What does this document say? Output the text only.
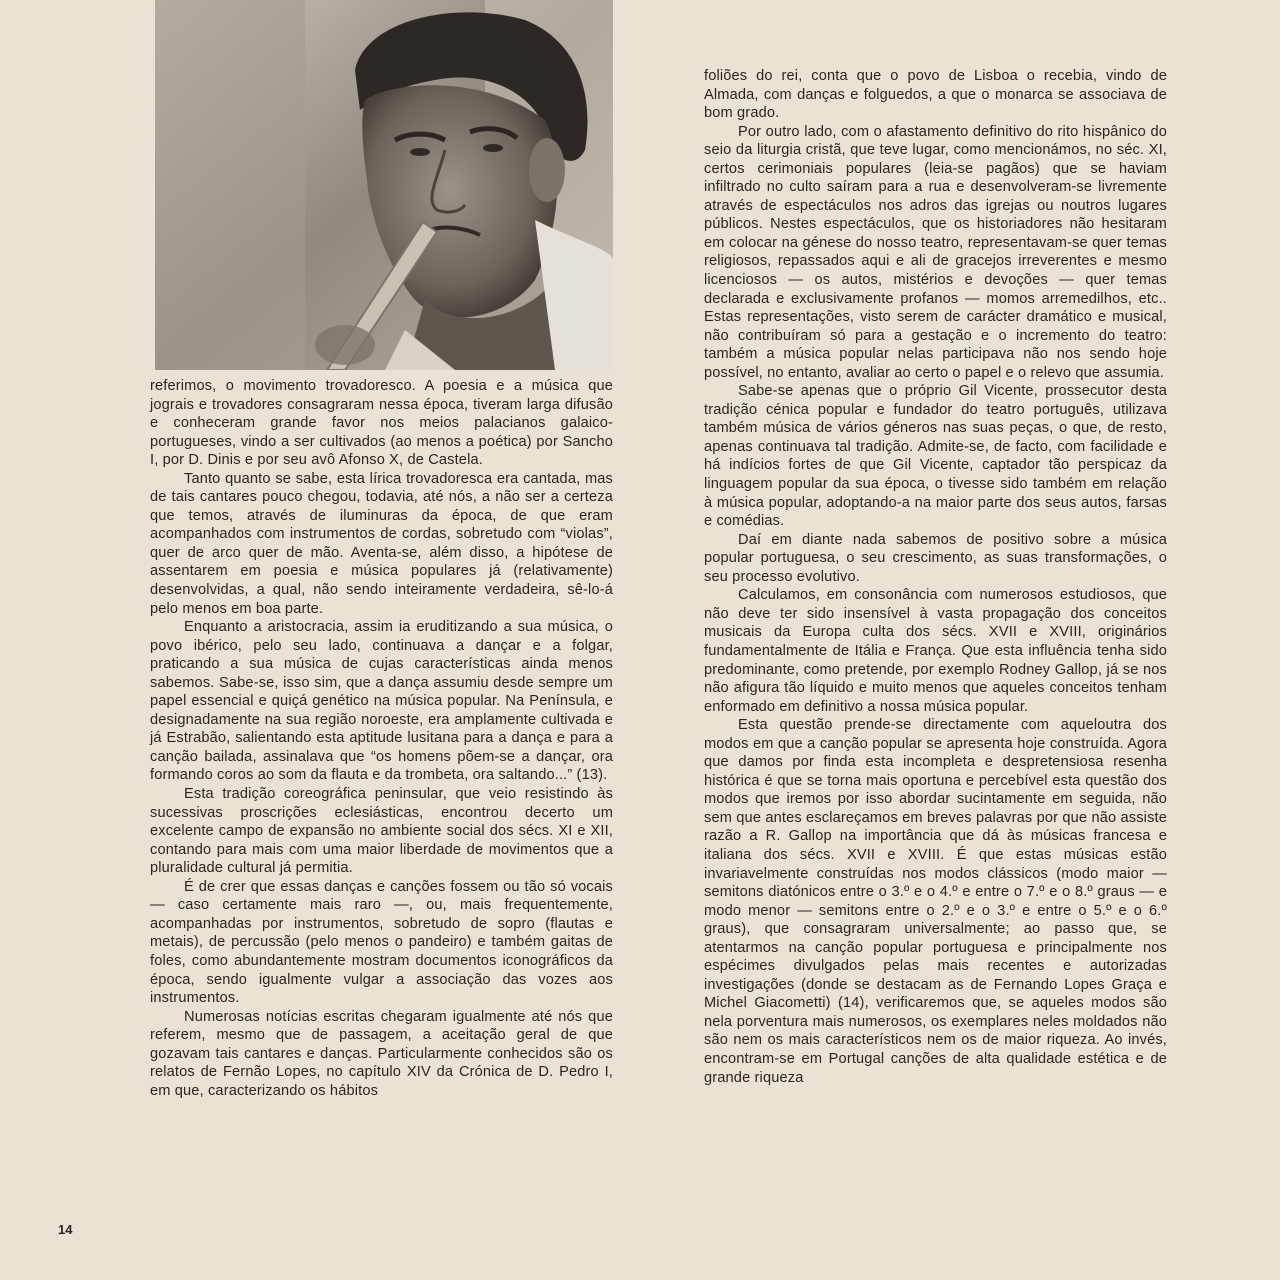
referimos, o movimento trovadoresco. A poesia e a música que jograis e trovadores consagraram nessa época, tiveram larga difusão e conheceram grande favor nos meios palacianos galaico-portugueses, vindo a ser cultivados (ao menos a poética) por Sancho I, por D. Dinis e por seu avô Afonso X, de Castela.

Tanto quanto se sabe, esta lírica trovadoresca era cantada, mas de tais cantares pouco chegou, todavia, até nós, a não ser a certeza que temos, através de iluminuras da época, de que eram acompanhados com instrumentos de cordas, sobretudo com “violas”, quer de arco quer de mão. Aventa-se, além disso, a hipótese de assentarem em poesia e música populares já (relativamente) desenvolvidas, a qual, não sendo inteiramente verdadeira, sê-lo-á pelo menos em boa parte.

Enquanto a aristocracia, assim ia eruditizando a sua música, o povo ibérico, pelo seu lado, continuava a dançar e a folgar, praticando a sua música de cujas características ainda menos sabemos. Sabe-se, isso sim, que a dança assumiu desde sempre um papel essencial e quiçá genético na música popular. Na Península, e designadamente na sua região noroeste, era amplamente cultivada e já Estrabão, salientando esta aptitude lusitana para a dança e para a canção bailada, assinalava que “os homens põem-se a dançar, ora formando coros ao som da flauta e da trombeta, ora saltando...” (13).

Esta tradição coreográfica peninsular, que veio resistindo às sucessivas proscrições eclesiásticas, encontrou decerto um excelente campo de expansão no ambiente social dos sécs. XI e XII, contando para mais com uma maior liberdade de movimentos que a pluralidade cultural já permitia.

É de crer que essas danças e canções fossem ou tão só vocais — caso certamente mais raro —, ou, mais frequentemente, acompanhadas por instrumentos, sobretudo de sopro (flautas e metais), de percussão (pelo menos o pandeiro) e também gaitas de foles, como abundantemente mostram documentos iconográficos da época, sendo igualmente vulgar a associação das vozes aos instrumentos.

Numerosas notícias escritas chegaram igualmente até nós que referem, mesmo que de passagem, a aceitação geral de que gozavam tais cantares e danças. Particularmente conhecidos são os relatos de Fernão Lopes, no capítulo XIV da Crónica de D. Pedro I, em que, caracterizando os hábitos

foliões do rei, conta que o povo de Lisboa o recebia, vindo de Almada, com danças e folguedos, a que o monarca se associava de bom grado.

Por outro lado, com o afastamento definitivo do rito hispânico do seio da liturgia cristã, que teve lugar, como mencionámos, no séc. XI, certos cerimoniais populares (leia-se pagãos) que se haviam infiltrado no culto saíram para a rua e desenvolveram-se livremente através de espectáculos nos adros das igrejas ou noutros lugares públicos. Nestes espectáculos, que os historiadores não hesitaram em colocar na génese do nosso teatro, representavam-se quer temas religiosos, repassados aqui e ali de gracejos irreverentes e mesmo licenciosos — os autos, mistérios e devoções — quer temas declarada e exclusivamente profanos — momos arremedilhos, etc.. Estas representações, visto serem de carácter dramático e musical, não contribuíram só para a gestação e o incremento do teatro: também a música popular nelas participava não nos sendo hoje possível, no entanto, avaliar ao certo o papel e o relevo que assumia.

Sabe-se apenas que o próprio Gil Vicente, prossecutor desta tradição cénica popular e fundador do teatro português, utilizava também música de vários géneros nas suas peças, o que, de resto, apenas continuava tal tradição. Admite-se, de facto, com facilidade e há indícios fortes de que Gil Vicente, captador tão perspicaz da linguagem popular da sua época, o tivesse sido também em relação à música popular, adoptando-a na maior parte dos seus autos, farsas e comédias.

Daí em diante nada sabemos de positivo sobre a música popular portuguesa, o seu crescimento, as suas transformações, o seu processo evolutivo.

Calculamos, em consonância com numerosos estudiosos, que não deve ter sido insensível à vasta propagação dos conceitos musicais da Europa culta dos sécs. XVII e XVIII, originários fundamentalmente de Itália e França. Que esta influência tenha sido predominante, como pretende, por exemplo Rodney Gallop, já se nos não afigura tão líquido e muito menos que aqueles conceitos tenham enformado em definitivo a nossa música popular.

Esta questão prende-se directamente com aqueloutra dos modos em que a canção popular se apresenta hoje construída. Agora que damos por finda esta incompleta e despretensiosa resenha histórica é que se torna mais oportuna e percebível esta questão dos modos que iremos por isso abordar sucintamente em seguida, não sem que antes esclareçamos em breves palavras por que não assiste razão a R. Gallop na importância que dá às músicas francesa e italiana dos sécs. XVII e XVIII. É que estas músicas estão invariavelmente construídas nos modos clássicos (modo maior — semitons diatónicos entre o 3.º e o 4.º e entre o 7.º e o 8.º graus — e modo menor — semitons entre o 2.º e o 3.º e entre o 5.º e o 6.º graus), que consagraram universalmente; ao passo que, se atentarmos na canção popular portuguesa e principalmente nos espécimes divulgados pelas mais recentes e autorizadas investigações (donde se destacam as de Fernando Lopes Graça e Michel Giacometti) (14), verificaremos que, se aqueles modos são nela porventura mais numerosos, os exemplares neles moldados não são nem os mais característicos nem os de maior riqueza. Ao invés, encontram-se em Portugal canções de alta qualidade estética e de grande riqueza

14
